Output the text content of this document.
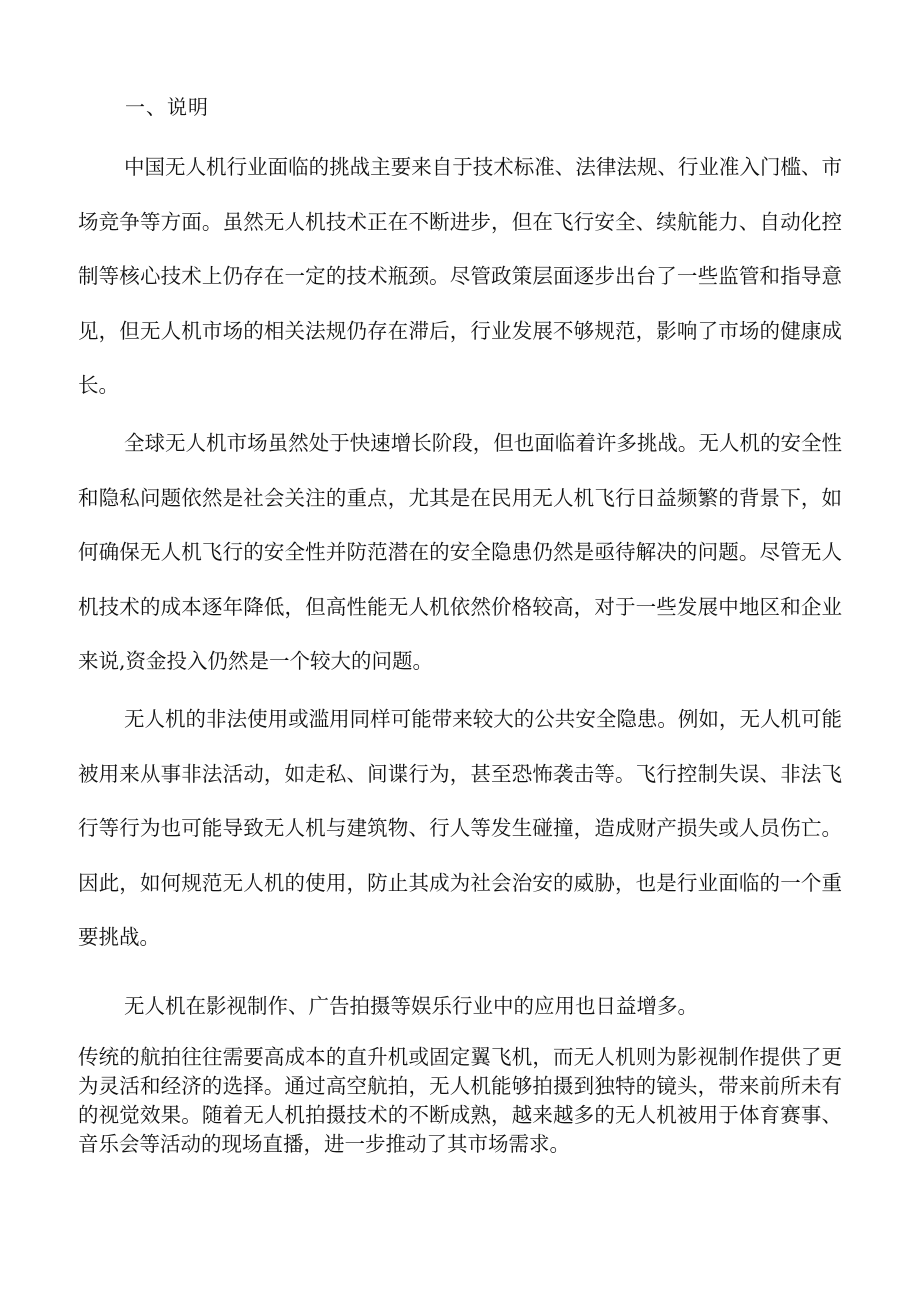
一、说明

中国无人机行业面临的挑战主要来自于技术标准、法律法规、行业准入门槛、市场竞争等方面。虽然无人机技术正在不断进步，但在飞行安全、续航能力、自动化控制等核心技术上仍存在一定的技术瓶颈。尽管政策层面逐步出台了一些监管和指导意见，但无人机市场的相关法规仍存在滞后，行业发展不够规范，影响了市场的健康成长。

全球无人机市场虽然处于快速增长阶段，但也面临着许多挑战。无人机的安全性和隐私问题依然是社会关注的重点，尤其是在民用无人机飞行日益频繁的背景下，如何确保无人机飞行的安全性并防范潜在的安全隐患仍然是亟待解决的问题。尽管无人机技术的成本逐年降低，但高性能无人机依然价格较高，对于一些发展中地区和企业来说,资金投入仍然是一个较大的问题。

无人机的非法使用或滥用同样可能带来较大的公共安全隐患。例如，无人机可能被用来从事非法活动，如走私、间谍行为，甚至恐怖袭击等。飞行控制失误、非法飞行等行为也可能导致无人机与建筑物、行人等发生碰撞，造成财产损失或人员伤亡。因此，如何规范无人机的使用，防止其成为社会治安的威胁，也是行业面临的一个重要挑战。

无人机在影视制作、广告拍摄等娱乐行业中的应用也日益增多。

传统的航拍往往需要高成本的直升机或固定翼飞机，而无人机则为影视制作提供了更为灵活和经济的选择。通过高空航拍，无人机能够拍摄到独特的镜头，带来前所未有的视觉效果。随着无人机拍摄技术的不断成熟，越来越多的无人机被用于体育赛事、音乐会等活动的现场直播，进一步推动了其市场需求。
